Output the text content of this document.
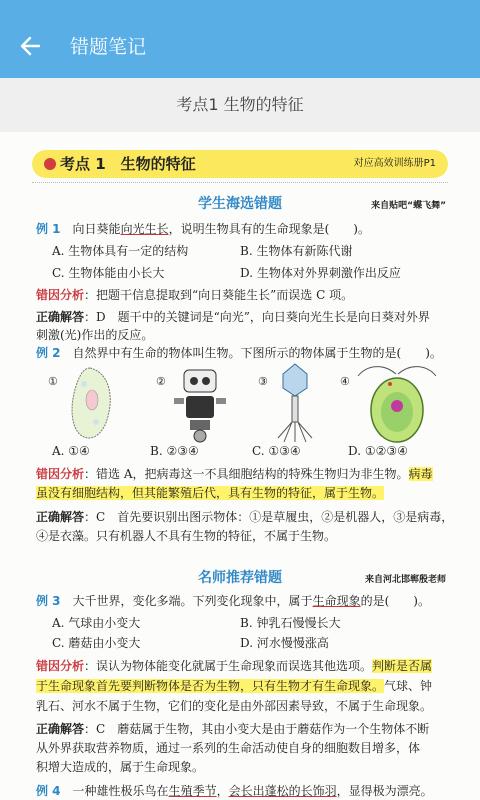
错题笔记
考点1 生物的特征
考点 1　生物的特征	对应高效训练册P1
学生海选错题	来自贴吧“蝶飞舞”
例 1　 向日葵能向光生长，说明生物具有的生命现象是(　　)。
A. 生物体具有一定的结构	B. 生物体有新陈代谢
C. 生物体能由小长大	D. 生物体对外界刺激作出反应
错因分析：把题干信息提取到“向日葵能生长”而误选 C 项。
正确解答：D　题干中的关键词是“向光”，向日葵向光生长是向日葵对外界
刺激(光)作出的反应。
例 2　 自然界中有生命的物体叫生物。下图所示的物体属于生物的是(　　)。
①	②	③	④
A. ①④	B. ②③④	C. ①③④	D. ①②③④
错因分析：错选 A，把病毒这一不具细胞结构的特殊生物归为非生物。病毒
虽没有细胞结构，但其能繁殖后代，具有生物的特征，属于生物。
正确解答：C　首先要识别出图示物体：①是草履虫，②是机器人，③是病毒，
④是衣藻。只有机器人不具有生物的特征，不属于生物。
名师推荐错题	来自河北邯郸殷老师
例 3　 大千世界，变化多端。下列变化现象中，属于生命现象的是(　　)。
A. 气球由小变大	B. 钟乳石慢慢长大
C. 蘑菇由小变大	D. 河水慢慢涨高
错因分析：误认为物体能变化就属于生命现象而误选其他选项。判断是否属
于生命现象首先要判断物体是否为生物，只有生物才有生命现象。气球、钟
乳石、河水不属于生物，它们的变化是由外部因素导致，不属于生命现象。
正确解答：C　蘑菇属于生物，其由小变大是由于蘑菇作为一个生物体不断
从外界获取营养物质，通过一系列的生命活动使自身的细胞数目增多，体
积增大造成的，属于生命现象。
例 4　 一种雄性极乐鸟在生殖季节，会长出蓬松的长饰羽，显得极为漂亮。
